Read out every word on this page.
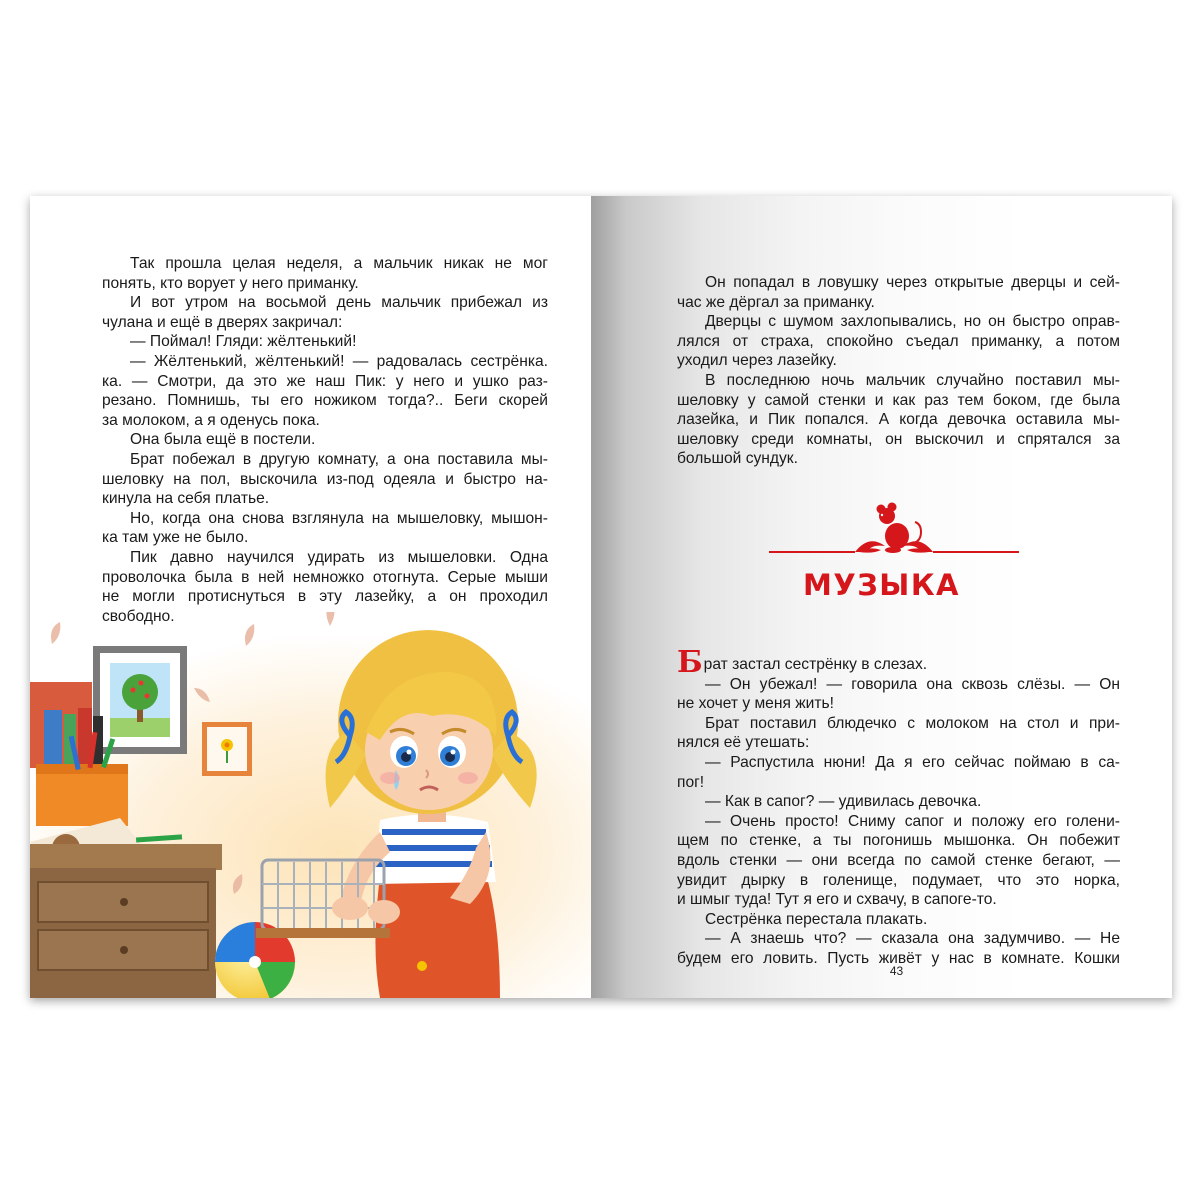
Так прошла целая неделя, а мальчик никак не мог
понять, кто ворует у него приманку.
И вот утром на восьмой день мальчик прибежал из
чулана и ещё в дверях закричал:
— Поймал! Гляди: жёлтенький!
— Жёлтенький, жёлтенький! — радовалась сестрёнка.
ка. — Смотри, да это же наш Пик: у него и ушко раз-
резано. Помнишь, ты его ножиком тогда?.. Беги скорей
за молоком, а я оденусь пока.
Она была ещё в постели.
Брат побежал в другую комнату, а она поставила мы-
шеловку на пол, выскочила из-под одеяла и быстро на-
кинула на себя платье.
Но, когда она снова взглянула на мышеловку, мышон-
ка там уже не было.
Пик давно научился удирать из мышеловки. Одна
проволочка была в ней немножко отогнута. Серые мыши
не могли протиснуться в эту лазейку, а он проходил
свободно.
Он попадал в ловушку через открытые дверцы и сей-
час же дёргал за приманку.
Дверцы с шумом захлопывались, но он быстро оправ-
лялся от страха, спокойно съедал приманку, а потом
уходил через лазейку.
В последнюю ночь мальчик случайно поставил мы-
шеловку у самой стенки и как раз тем боком, где была
лазейка, и Пик попался. А когда девочка оставила мы-
шеловку среди комнаты, он выскочил и спрятался за
большой сундук.
МУЗЫКА
Брат застал сестрёнку в слезах.
— Он убежал! — говорила она сквозь слёзы. — Он
не хочет у меня жить!
Брат поставил блюдечко с молоком на стол и при-
нялся её утешать:
— Распустила нюни! Да я его сейчас поймаю в са-
пог!
— Как в сапог? — удивилась девочка.
— Очень просто! Сниму сапог и положу его голени-
щем по стенке, а ты погонишь мышонка. Он побежит
вдоль стенки — они всегда по самой стенке бегают, —
увидит дырку в голенище, подумает, что это норка,
и шмыг туда! Тут я его и схвачу, в сапоге-то.
Сестрёнка перестала плакать.
— А знаешь что? — сказала она задумчиво. — Не
будем его ловить. Пусть живёт у нас в комнате. Кошки
43
